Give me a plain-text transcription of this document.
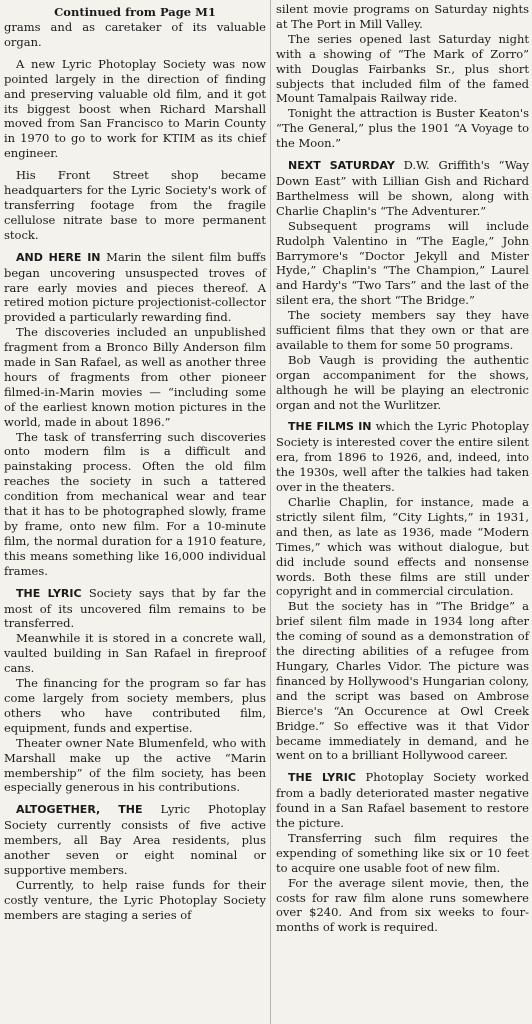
Continued from Page M1

grams and as caretaker of its valuable organ.

A new Lyric Photoplay Society was now pointed largely in the direction of finding and preserving valuable old film, and it got its biggest boost when Richard Marshall moved from San Francisco to Marin County in 1970 to go to work for KTIM as its chief engineer.

His Front Street shop became headquarters for the Lyric Society's work of transferring footage from the fragile cellulose nitrate base to more permanent stock.

AND HERE IN Marin the silent film buffs began uncovering unsuspected troves of rare early movies and pieces thereof. A retired motion picture projectionist-collector provided a particularly rewarding find.

The discoveries included an unpublished fragment from a Bronco Billy Anderson film made in San Rafael, as well as another three hours of fragments from other pioneer filmed-in-Marin movies — “including some of the earliest known motion pictures in the world, made in about 1896.”

The task of transferring such discoveries onto modern film is a difficult and painstaking process. Often the old film reaches the society in such a tattered condition from mechanical wear and tear that it has to be photographed slowly, frame by frame, onto new film. For a 10-minute film, the normal duration for a 1910 feature, this means something like 16,000 individual frames.

THE LYRIC Society says that by far the most of its uncovered film remains to be transferred.

Meanwhile it is stored in a concrete wall, vaulted building in San Rafael in fireproof cans.

The financing for the program so far has come largely from society members, plus others who have contributed film, equipment, funds and expertise.

Theater owner Nate Blumenfeld, who with Marshall make up the active “Marin membership” of the film society, has been especially generous in his contributions.

ALTOGETHER, THE Lyric Photoplay Society currently consists of five active members, all Bay Area residents, plus another seven or eight nominal or supportive members.

Currently, to help raise funds for their costly venture, the Lyric Photoplay Society members are staging a series of

silent movie programs on Saturday nights at The Port in Mill Valley.

The series opened last Saturday night with a showing of “The Mark of Zorro” with Douglas Fairbanks Sr., plus short subjects that included film of the famed Mount Tamalpais Railway ride.

Tonight the attraction is Buster Keaton's “The General,” plus the 1901 “A Voyage to the Moon.”

NEXT SATURDAY D.W. Griffith's “Way Down East” with Lillian Gish and Richard Barthelmess will be shown, along with Charlie Chaplin's “The Adventurer.”

Subsequent programs will include Rudolph Valentino in “The Eagle,” John Barrymore's “Doctor Jekyll and Mister Hyde,” Chaplin's “The Champion,” Laurel and Hardy's “Two Tars” and the last of the silent era, the short “The Bridge.”

The society members say they have sufficient films that they own or that are available to them for some 50 programs.

Bob Vaugh is providing the authentic organ accompaniment for the shows, although he will be playing an electronic organ and not the Wurlitzer.

THE FILMS IN which the Lyric Photoplay Society is interested cover the entire silent era, from 1896 to 1926, and, indeed, into the 1930s, well after the talkies had taken over in the theaters.

Charlie Chaplin, for instance, made a strictly silent film, “City Lights,” in 1931, and then, as late as 1936, made “Modern Times,” which was without dialogue, but did include sound effects and nonsense words. Both these films are still under copyright and in commercial circulation.

But the society has in “The Bridge” a brief silent film made in 1934 long after the coming of sound as a demonstration of the directing abilities of a refugee from Hungary, Charles Vidor. The picture was financed by Hollywood's Hungarian colony, and the script was based on Ambrose Bierce's “An Occurence at Owl Creek Bridge.” So effective was it that Vidor became immediately in demand, and he went on to a brilliant Hollywood career.

THE LYRIC Photoplay Society worked from a badly deteriorated master negative found in a San Rafael basement to restore the picture.

Transferring such film requires the expending of something like six or 10 feet to acquire one usable foot of new film.

For the average silent movie, then, the costs for raw film alone runs somewhere over $240. And from six weeks to four-months of work is required.
